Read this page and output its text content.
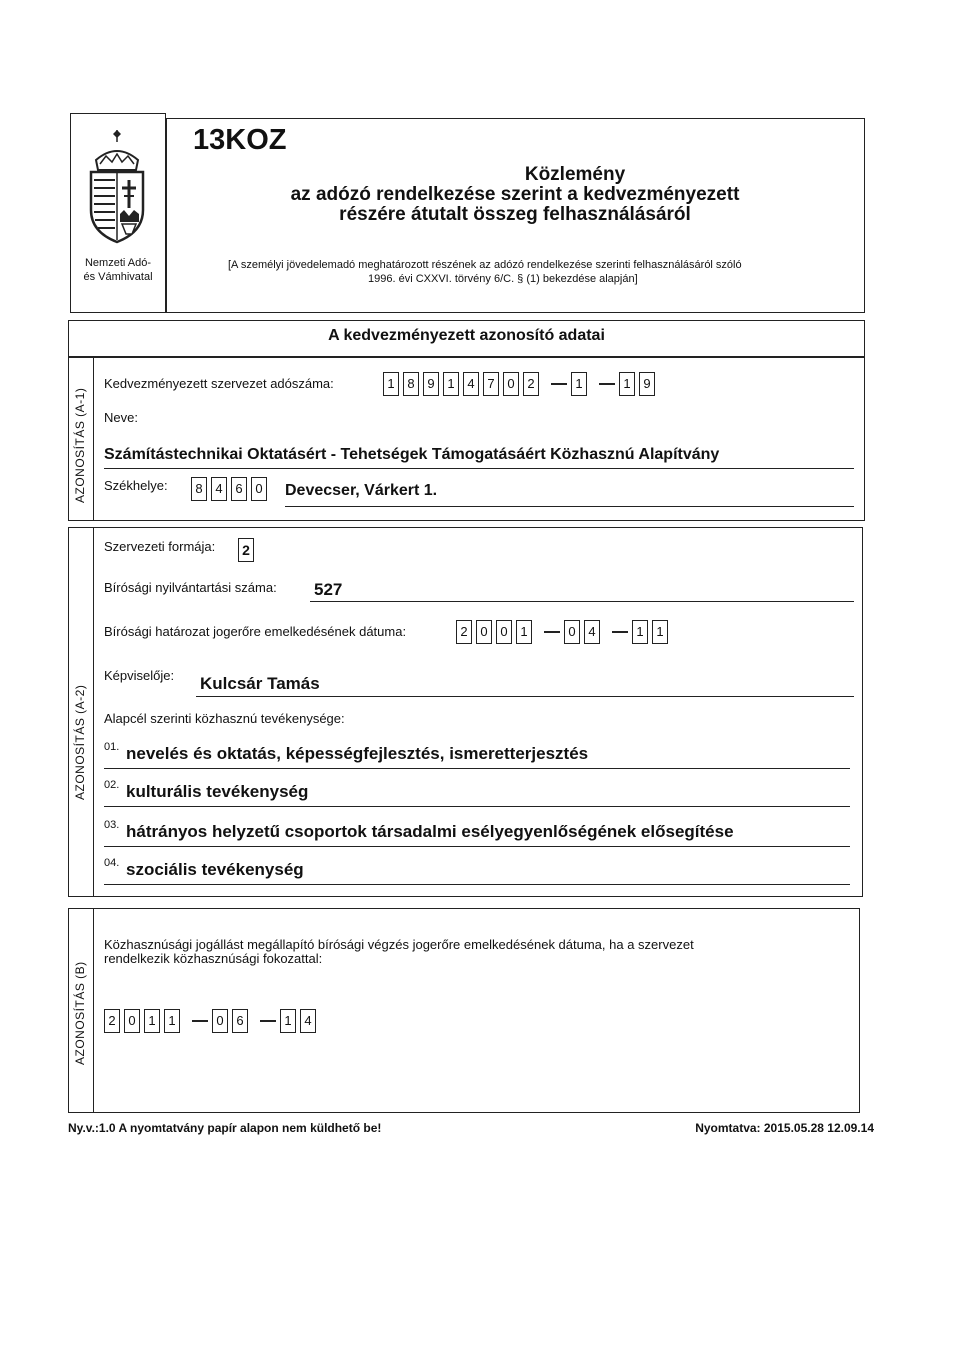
Nemzeti Adó-
és Vámhivatal
13KOZ
Közlemény
az adózó rendelkezése szerint a kedvezményezett
részére átutalt összeg felhasználásáról
[A személyi jövedelemadó meghatározott részének az adózó rendelkezése szerinti felhasználásáról szóló
1996. évi CXXVI. törvény 6/C. § (1) bekezdése alapján]
A kedvezményezett azonosító adatai
AZONOSÍTÁS (A-1)
Kedvezményezett szervezet adószáma:	1 8 9 1 4 7 0 2	1	1 9
Neve:
Számítástechnikai Oktatásért - Tehetségek Támogatásáért Közhasznú Alapítvány
Székhelye:	8 4 6 0 Devecser, Várkert 1.
AZONOSÍTÁS (A-2)
Szervezeti formája: 2
Bírósági nyilvántartási száma: 527
Bírósági határozat jogerőre emelkedésének dátuma:	2 0 0 1	0 4	1 1
Képviselője: Kulcsár Tamás
Alapcél szerinti közhasznú tevékenysége:
01. nevelés és oktatás, képességfejlesztés, ismeretterjesztés
02. kulturális tevékenység
03. hátrányos helyzetű csoportok társadalmi esélyegyenlőségének elősegítése
04. szociális tevékenység
AZONOSÍTÁS (B)
Közhasznúsági jogállást megállapító bírósági végzés jogerőre emelkedésének dátuma, ha a szervezet
rendelkezik közhasznúsági fokozattal:
2 0 1 1	0 6	1 4
Ny.v.:1.0 A nyomtatvány papír alapon nem küldhető be!	Nyomtatva: 2015.05.28 12.09.14
